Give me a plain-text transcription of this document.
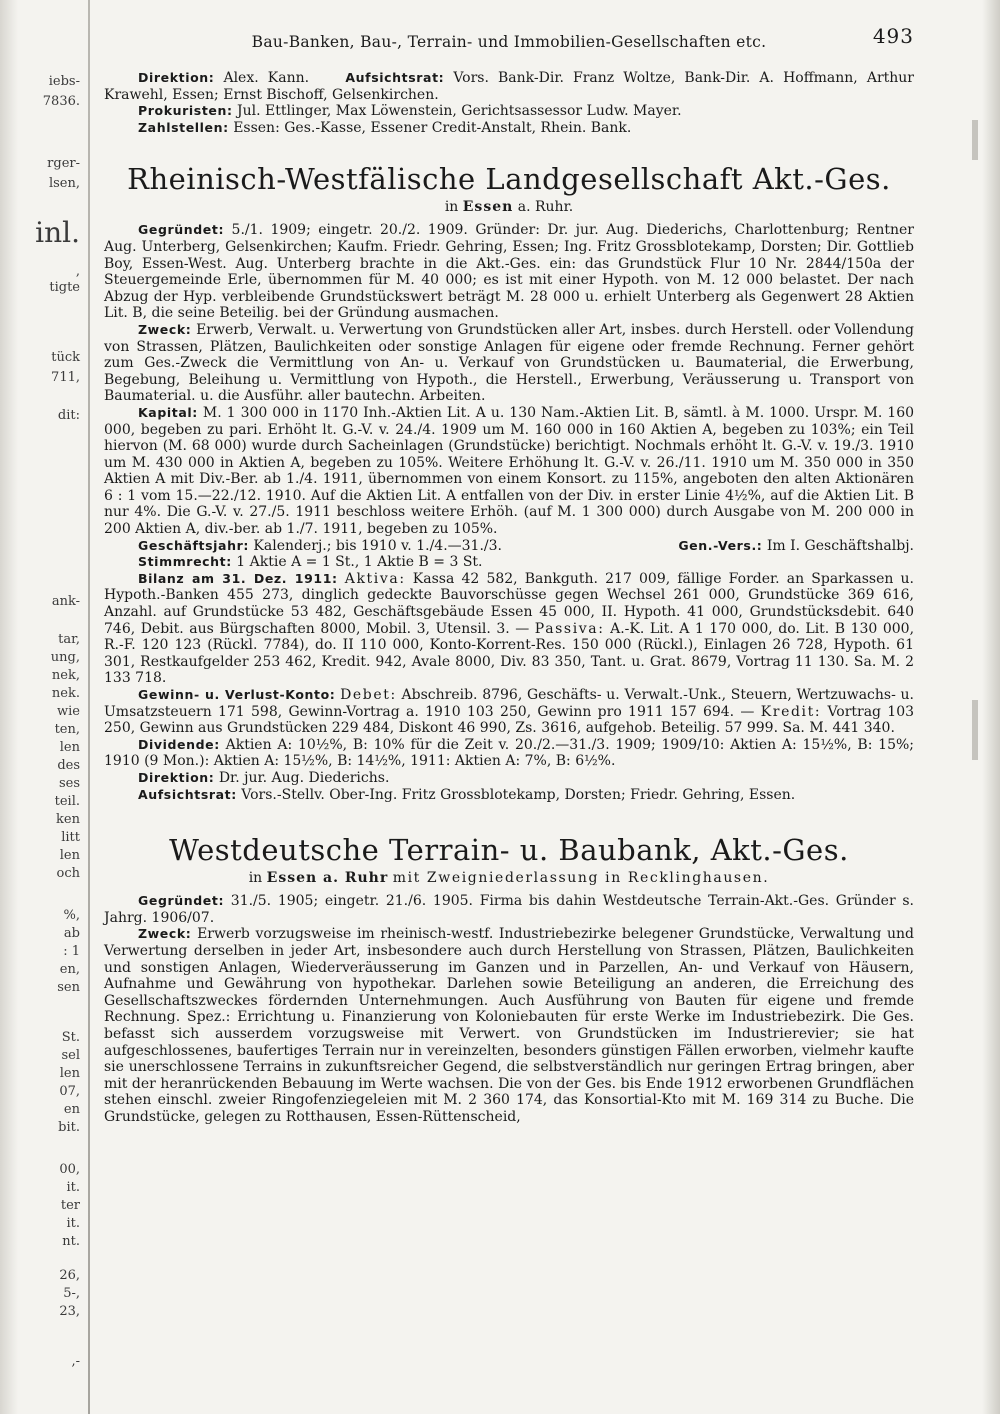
iebs-
7836.
rger-
lsen,
inl.
,
tigte
tück
711,
dit:
ank-
tar,
ung,
nek,
nek.
wie
ten,
len
des
ses
teil.
ken
litt
len
och
%,
ab
: 1
en,
sen
St.
sel
len
07,
en
bit.
00,
it.
ter
it.
nt.
26,
5-,
23,
,-
Bau-Banken, Bau-, Terrain- und Immobilien-Gesellschaften etc.	493

Direktion: Alex. Kann.	Aufsichtsrat: Vors. Bank-Dir. Franz Woltze, Bank-Dir. A. Hoffmann, Arthur Krawehl, Essen; Ernst Bischoff, Gelsenkirchen.

Prokuristen: Jul. Ettlinger, Max Löwenstein, Gerichtsassessor Ludw. Mayer.

Zahlstellen: Essen: Ges.-Kasse, Essener Credit-Anstalt, Rhein. Bank.

Rheinisch-Westfälische Landgesellschaft Akt.-Ges.
in Essen a. Ruhr.

Gegründet: 5./1. 1909; eingetr. 20./2. 1909. Gründer: Dr. jur. Aug. Diederichs, Charlottenburg; Rentner Aug. Unterberg, Gelsenkirchen; Kaufm. Friedr. Gehring, Essen; Ing. Fritz Grossblotekamp, Dorsten; Dir. Gottlieb Boy, Essen-West. Aug. Unterberg brachte in die Akt.-Ges. ein: das Grundstück Flur 10 Nr. 2844/150a der Steuergemeinde Erle, übernommen für M. 40 000; es ist mit einer Hypoth. von M. 12 000 belastet. Der nach Abzug der Hyp. verbleibende Grundstückswert beträgt M. 28 000 u. erhielt Unterberg als Gegenwert 28 Aktien Lit. B, die seine Beteilig. bei der Gründung ausmachen.

Zweck: Erwerb, Verwalt. u. Verwertung von Grundstücken aller Art, insbes. durch Herstell. oder Vollendung von Strassen, Plätzen, Baulichkeiten oder sonstige Anlagen für eigene oder fremde Rechnung. Ferner gehört zum Ges.-Zweck die Vermittlung von An- u. Verkauf von Grundstücken u. Baumaterial, die Erwerbung, Begebung, Beleihung u. Vermittlung von Hypoth., die Herstell., Erwerbung, Veräusserung u. Transport von Baumaterial. u. die Ausführ. aller bautechn. Arbeiten.

Kapital: M. 1 300 000 in 1170 Inh.-Aktien Lit. A u. 130 Nam.-Aktien Lit. B, sämtl. à M. 1000. Urspr. M. 160 000, begeben zu pari. Erhöht lt. G.-V. v. 24./4. 1909 um M. 160 000 in 160 Aktien A, begeben zu 103%; ein Teil hiervon (M. 68 000) wurde durch Sacheinlagen (Grundstücke) berichtigt. Nochmals erhöht lt. G.-V. v. 19./3. 1910 um M. 430 000 in Aktien A, begeben zu 105%. Weitere Erhöhung lt. G.-V. v. 26./11. 1910 um M. 350 000 in 350 Aktien A mit Div.-Ber. ab 1./4. 1911, übernommen von einem Konsort. zu 115%, angeboten den alten Aktionären 6 : 1 vom 15.—22./12. 1910. Auf die Aktien Lit. A entfallen von der Div. in erster Linie 4½%, auf die Aktien Lit. B nur 4%. Die G.-V. v. 27./5. 1911 beschloss weitere Erhöh. (auf M. 1 300 000) durch Ausgabe von M. 200 000 in 200 Aktien A, div.-ber. ab 1./7. 1911, begeben zu 105%.

Geschäftsjahr: Kalenderj.; bis 1910 v. 1./4.—31./3.	Gen.-Vers.: Im I. Geschäftshalbj.

Stimmrecht: 1 Aktie A = 1 St., 1 Aktie B = 3 St.

Bilanz am 31. Dez. 1911: Aktiva: Kassa 42 582, Bankguth. 217 009, fällige Forder. an Sparkassen u. Hypoth.-Banken 455 273, dinglich gedeckte Bauvorschüsse gegen Wechsel 261 000, Grundstücke 369 616, Anzahl. auf Grundstücke 53 482, Geschäftsgebäude Essen 45 000, II. Hypoth. 41 000, Grundstücksdebit. 640 746, Debit. aus Bürgschaften 8000, Mobil. 3, Utensil. 3. — Passiva: A.-K. Lit. A 1 170 000, do. Lit. B 130 000, R.-F. 120 123 (Rückl. 7784), do. II 110 000, Konto-Korrent-Res. 150 000 (Rückl.), Einlagen 26 728, Hypoth. 61 301, Restkaufgelder 253 462, Kredit. 942, Avale 8000, Div. 83 350, Tant. u. Grat. 8679, Vortrag 11 130. Sa. M. 2 133 718.

Gewinn- u. Verlust-Konto: Debet: Abschreib. 8796, Geschäfts- u. Verwalt.-Unk., Steuern, Wertzuwachs- u. Umsatzsteuern 171 598, Gewinn-Vortrag a. 1910 103 250, Gewinn pro 1911 157 694. — Kredit: Vortrag 103 250, Gewinn aus Grundstücken 229 484, Diskont 46 990, Zs. 3616, aufgehob. Beteilig. 57 999. Sa. M. 441 340.

Dividende: Aktien A: 10½%, B: 10% für die Zeit v. 20./2.—31./3. 1909; 1909/10: Aktien A: 15½%, B: 15%; 1910 (9 Mon.): Aktien A: 15½%, B: 14½%, 1911: Aktien A: 7%, B: 6½%.

Direktion: Dr. jur. Aug. Diederichs.

Aufsichtsrat: Vors.-Stellv. Ober-Ing. Fritz Grossblotekamp, Dorsten; Friedr. Gehring, Essen.

Westdeutsche Terrain- u. Baubank, Akt.-Ges.
in Essen a. Ruhr mit Zweigniederlassung in Recklinghausen.

Gegründet: 31./5. 1905; eingetr. 21./6. 1905. Firma bis dahin Westdeutsche Terrain-Akt.-Ges. Gründer s. Jahrg. 1906/07.

Zweck: Erwerb vorzugsweise im rheinisch-westf. Industriebezirke belegener Grundstücke, Verwaltung und Verwertung derselben in jeder Art, insbesondere auch durch Herstellung von Strassen, Plätzen, Baulichkeiten und sonstigen Anlagen, Wiederveräusserung im Ganzen und in Parzellen, An- und Verkauf von Häusern, Aufnahme und Gewährung von hypothekar. Darlehen sowie Beteiligung an anderen, die Erreichung des Gesellschaftszweckes fördernden Unternehmungen. Auch Ausführung von Bauten für eigene und fremde Rechnung. Spez.: Errichtung u. Finanzierung von Koloniebauten für erste Werke im Industriebezirk. Die Ges. befasst sich ausserdem vorzugsweise mit Verwert. von Grundstücken im Industrierevier; sie hat aufgeschlossenes, baufertiges Terrain nur in vereinzelten, besonders günstigen Fällen erworben, vielmehr kaufte sie unerschlossene Terrains in zukunftsreicher Gegend, die selbstverständlich nur geringen Ertrag bringen, aber mit der heranrückenden Bebauung im Werte wachsen. Die von der Ges. bis Ende 1912 erworbenen Grundflächen stehen einschl. zweier Ringofenziegeleien mit M. 2 360 174, das Konsortial-Kto mit M. 169 314 zu Buche. Die Grundstücke, gelegen zu Rotthausen, Essen-Rüttenscheid,
